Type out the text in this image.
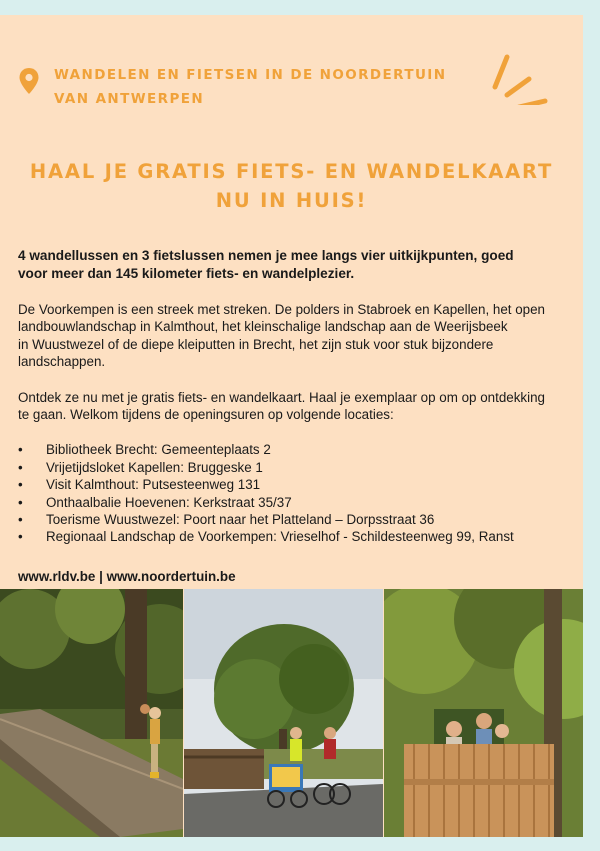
WANDELEN EN FIETSEN IN DE NOORDERTUIN
VAN ANTWERPEN
HAAL JE GRATIS FIETS- EN WANDELKAART
NU IN HUIS!
4 wandellussen en 3 fietslussen nemen je mee langs vier uitkijkpunten, goed
voor meer dan 145 kilometer fiets- en wandelplezier.
De Voorkempen is een streek met streken. De polders in Stabroek en Kapellen, het open
landbouwlandschap in Kalmthout, het kleinschalige landschap aan de Weerijsbeek
in Wuustwezel of de diepe kleiputten in Brecht, het zijn stuk voor stuk bijzondere
landschappen.
Ontdek ze nu met je gratis fiets- en wandelkaart. Haal je exemplaar op om op ontdekking
te gaan. Welkom tijdens de openingsuren op volgende locaties:
•	Bibliotheek Brecht: Gemeenteplaats 2
•	Vrijetijdsloket Kapellen: Bruggeske 1
•	Visit Kalmthout: Putsesteenweg 131
•	Onthaalbalie Hoevenen: Kerkstraat 35/37
•	Toerisme Wuustwezel: Poort naar het Platteland – Dorpsstraat 36
•	Regionaal Landschap de Voorkempen: Vrieselhof - Schildesteenweg 99, Ranst
www.rldv.be | www.noordertuin.be
